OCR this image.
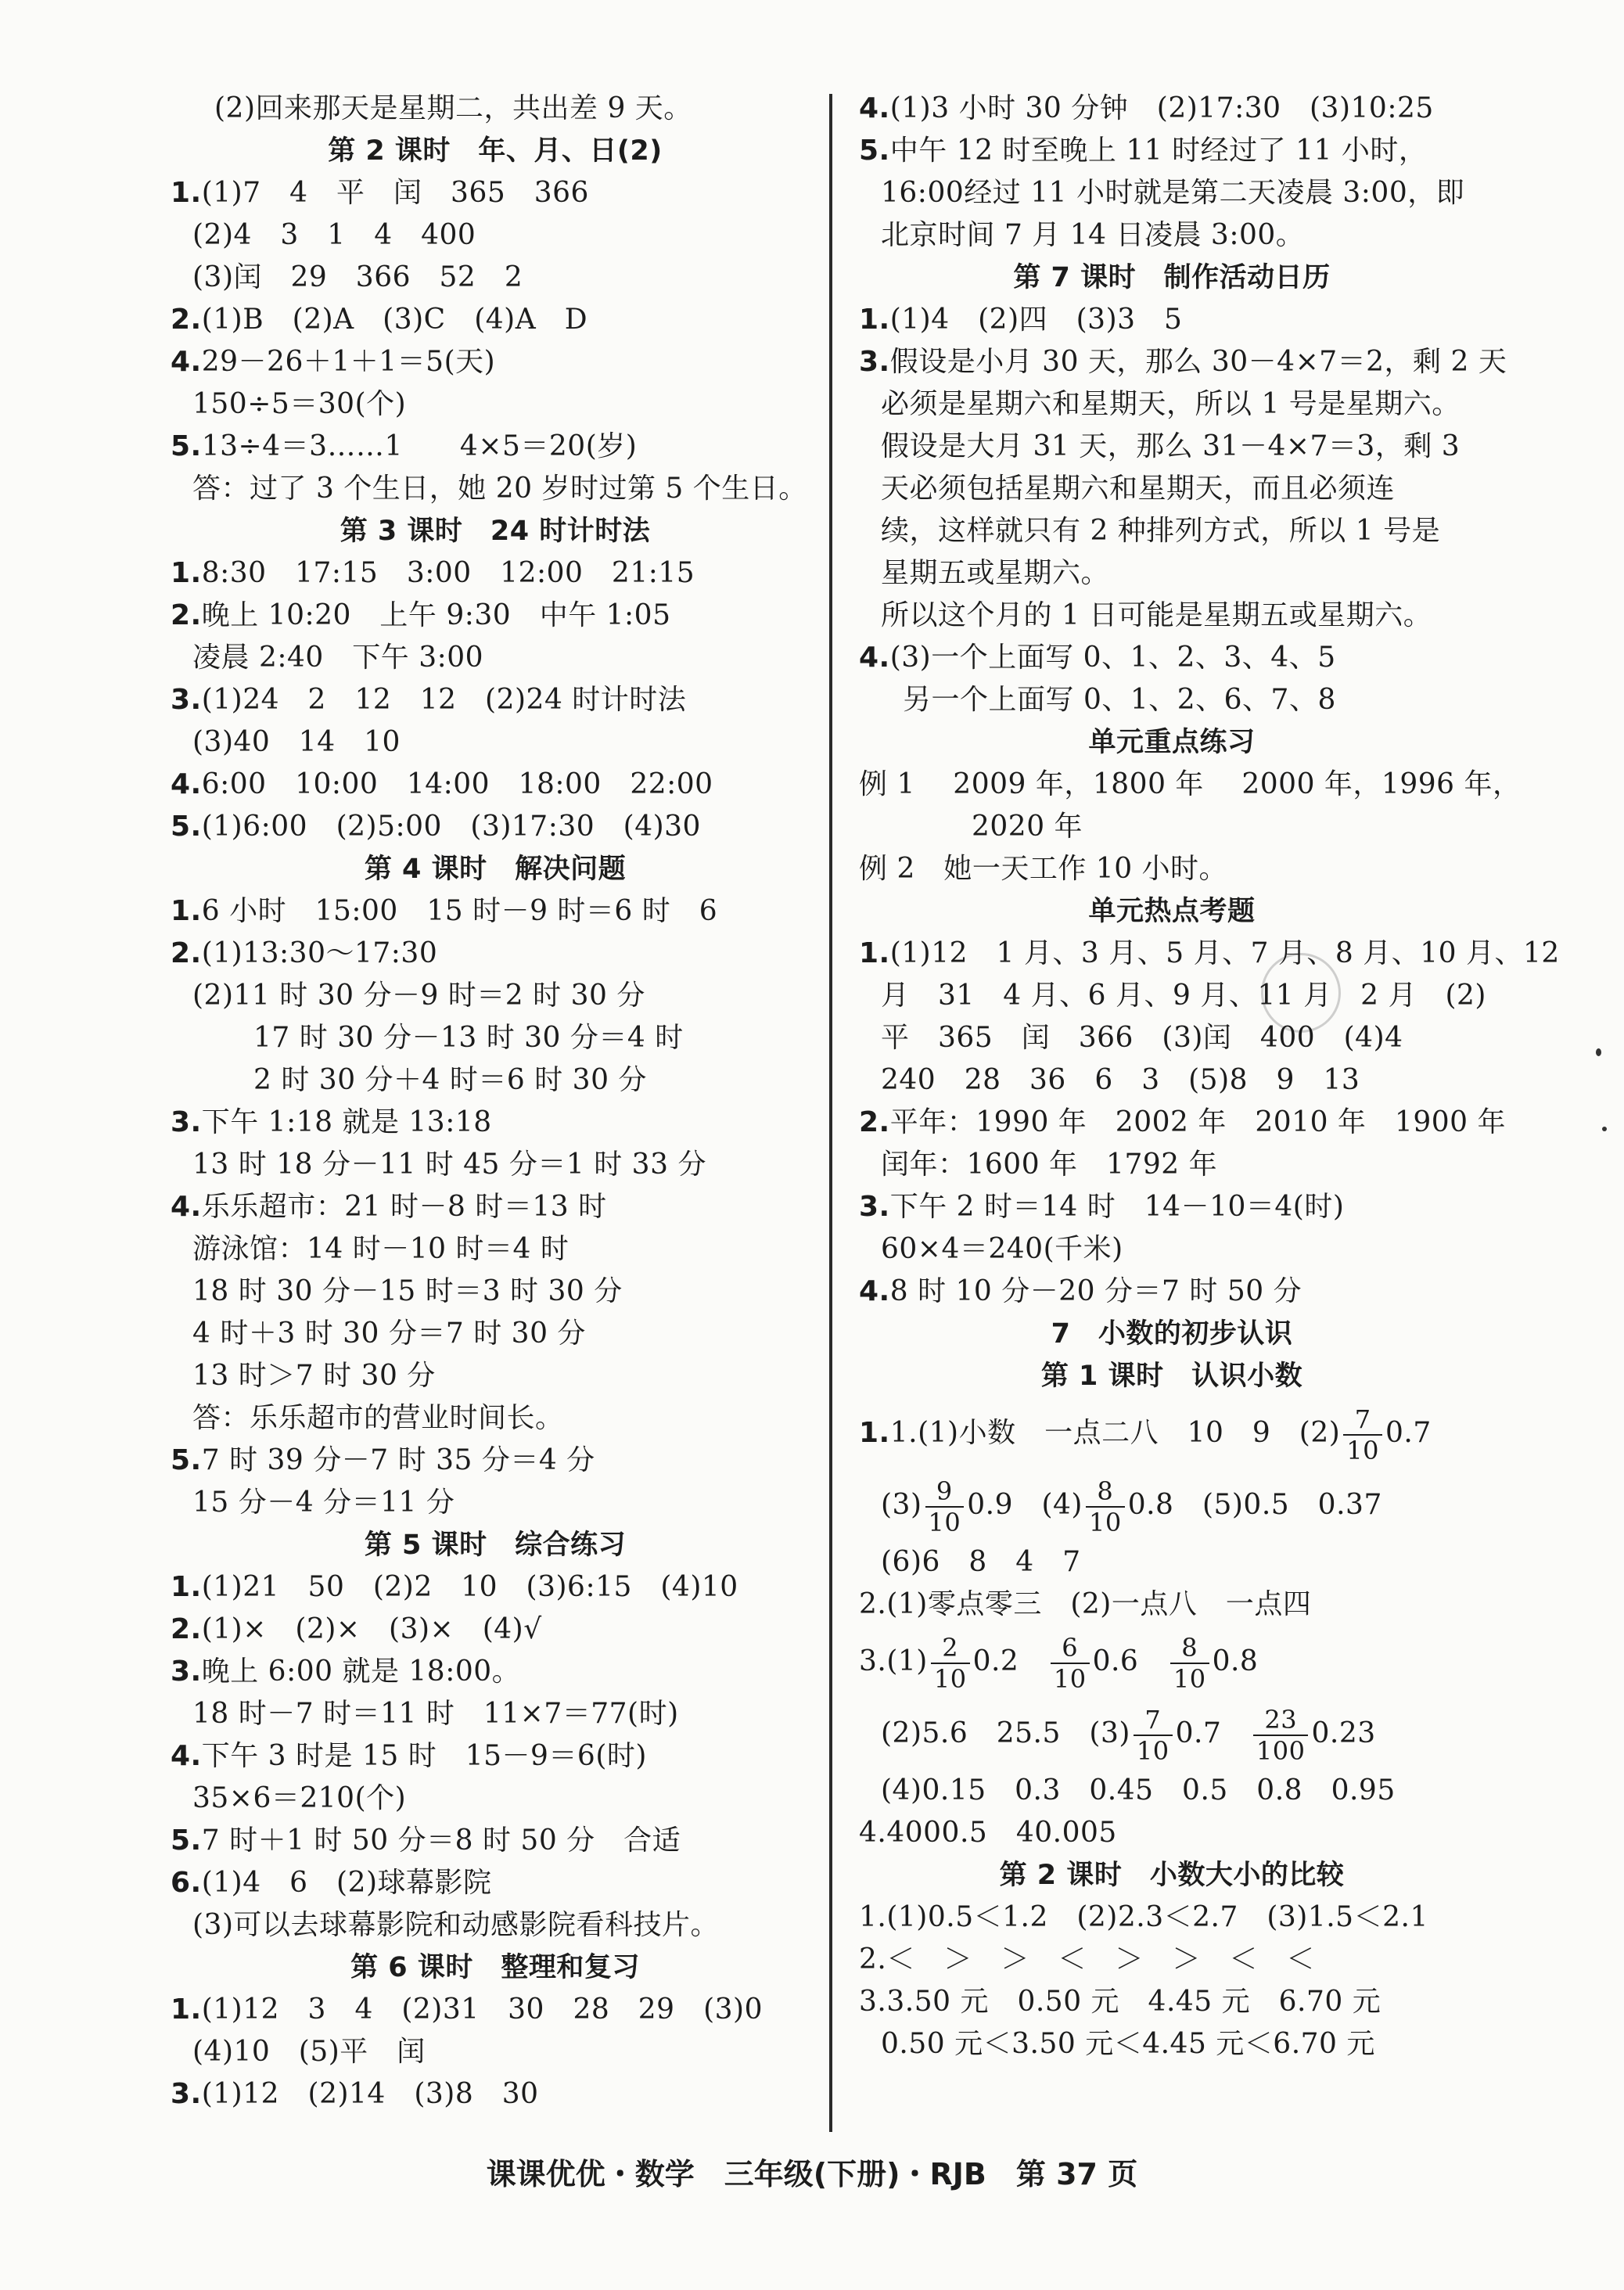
(2)回来那天是星期二，共出差 9 天。
第 2 课时　年、月、日(2)
1.(1)7　4　平　闰　365　366
(2)4　3　1　4　400
(3)闰　29　366　52　2
2.(1)B　(2)A　(3)C　(4)A　D
4.29－26＋1＋1＝5(天)
150÷5＝30(个)
5.13÷4＝3……1　　4×5＝20(岁)
答：过了 3 个生日，她 20 岁时过第 5 个生日。
第 3 课时　24 时计时法
1.8:30　17:15　3:00　12:00　21:15
2.晚上 10:20　上午 9:30　中午 1:05
凌晨 2:40　下午 3:00
3.(1)24　2　12　12　(2)24 时计时法
(3)40　14　10
4.6:00　10:00　14:00　18:00　22:00
5.(1)6:00　(2)5:00　(3)17:30　(4)30
第 4 课时　解决问题
1.6 小时　15:00　15 时－9 时＝6 时　6
2.(1)13:30～17:30
(2)11 时 30 分－9 时＝2 时 30 分
17 时 30 分－13 时 30 分＝4 时
2 时 30 分＋4 时＝6 时 30 分
3.下午 1:18 就是 13:18
13 时 18 分－11 时 45 分＝1 时 33 分
4.乐乐超市：21 时－8 时＝13 时
游泳馆：14 时－10 时＝4 时
18 时 30 分－15 时＝3 时 30 分
4 时＋3 时 30 分＝7 时 30 分
13 时＞7 时 30 分
答：乐乐超市的营业时间长。
5.7 时 39 分－7 时 35 分＝4 分
15 分－4 分＝11 分
第 5 课时　综合练习
1.(1)21　50　(2)2　10　(3)6:15　(4)10
2.(1)×　(2)×　(3)×　(4)√
3.晚上 6:00 就是 18:00。
18 时－7 时＝11 时　11×7＝77(时)
4.下午 3 时是 15 时　15－9＝6(时)
35×6＝210(个)
5.7 时＋1 时 50 分＝8 时 50 分　合适
6.(1)4　6　(2)球幕影院
(3)可以去球幕影院和动感影院看科技片。
第 6 课时　整理和复习
1.(1)12　3　4　(2)31　30　28　29　(3)0
(4)10　(5)平　闰
3.(1)12　(2)14　(3)8　30
4.(1)3 小时 30 分钟　(2)17:30　(3)10:25
5.中午 12 时至晚上 11 时经过了 11 小时，
16:00经过 11 小时就是第二天凌晨 3:00，即
北京时间 7 月 14 日凌晨 3:00。
第 7 课时　制作活动日历
1.(1)4　(2)四　(3)3　5
3.假设是小月 30 天，那么 30－4×7＝2，剩 2 天
必须是星期六和星期天，所以 1 号是星期六。
假设是大月 31 天，那么 31－4×7＝3，剩 3
天必须包括星期六和星期天，而且必须连
续，这样就只有 2 种排列方式，所以 1 号是
星期五或星期六。
所以这个月的 1 日可能是星期五或星期六。
4.(3)一个上面写 0、1、2、3、4、5
另一个上面写 0、1、2、6、7、8
单元重点练习
例 1　 2009 年，1800 年　 2000 年，1996 年，
2020 年
例 2　她一天工作 10 小时。
单元热点考题
1.(1)12　1 月、3 月、5 月、7 月、8 月、10 月、12
月　31　4 月、6 月、9 月、11 月　2 月　(2)
平　365　闰　366　(3)闰　400　(4)4
240　28　36　6　3　(5)8　9　13
2.平年：1990 年　2002 年　2010 年　1900 年
闰年：1600 年　1792 年
3.下午 2 时＝14 时　14－10＝4(时)
60×4＝240(千米)
4.8 时 10 分－20 分＝7 时 50 分
7　小数的初步认识
第 1 课时　认识小数
1.1.(1)小数　一点二八　10　9　$(2) \frac{7}{10} 0.7$
$(3) \frac{9}{10} 0.9$　$(4) \frac{8}{10} 0.8$　(5)0.5　0.37
(6)6　8　4　7
2.(1)零点零三　(2)一点八　一点四
$3.(1) \frac{2}{10} 0.2$　 $\frac{6}{10} 0.6$　 $\frac{8}{10} 0.8$
(2)5.6　25.5　$(3) \frac{7}{10} 0.7$　 $\frac{23}{100} 0.23$
(4)0.15　0.3　0.45　0.5　0.8　0.95
4.4000.5　40.005
第 2 课时　小数大小的比较
1.(1)0.5＜1.2　(2)2.3＜2.7　(3)1.5＜2.1
2.＜　＞　＞　＜　＞　＞　＜　＜
3.3.50 元　0.50 元　4.45 元　6.70 元
0.50 元＜3.50 元＜4.45 元＜6.70 元
课课优优・数学　三年级(下册)・RJB　第 37 页
